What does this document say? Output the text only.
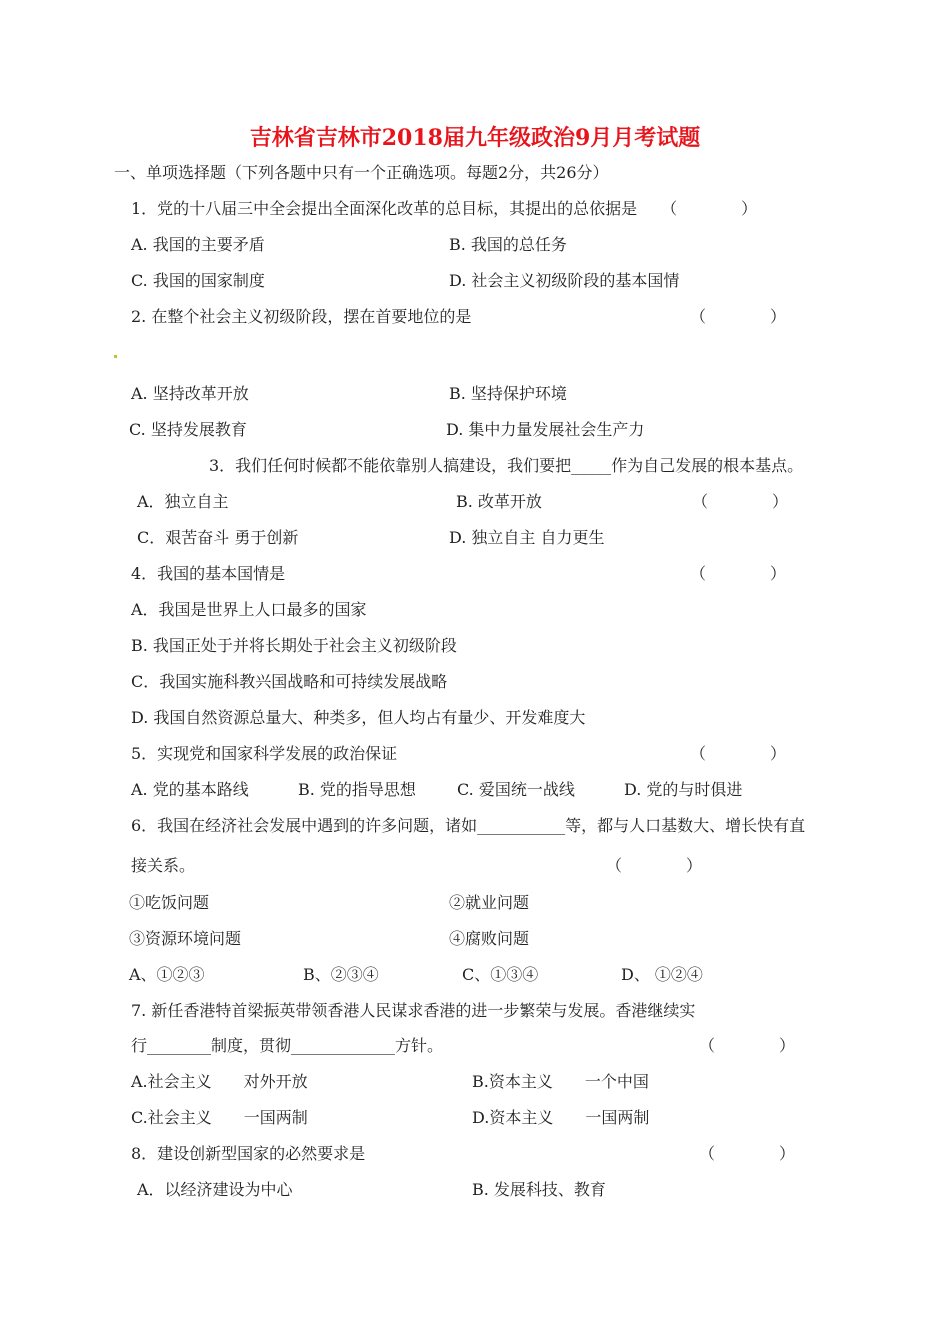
吉林省吉林市2018届九年级政治9月月考试题
一、单项选择题（下列各题中只有一个正确选项。每题2分，共26分）
1．党的十八届三中全会提出全面深化改革的总目标，其提出的总依据是　　（　　　　）
A. 我国的主要矛盾	B. 我国的总任务
C. 我国的国家制度	D. 社会主义初级阶段的基本国情
2. 在整个社会主义初级阶段，摆在首要地位的是	（　　　　）
A. 坚持改革开放	B. 坚持保护环境
C. 坚持发展教育	D. 集中力量发展社会生产力
3．我们任何时候都不能依靠别人搞建设，我们要把_____作为自己发展的根本基点。
A．独立自主	B. 改革开放	（　　　　）
C．艰苦奋斗 勇于创新	D. 独立自主 自力更生
4．我国的基本国情是	（　　　　）
A．我国是世界上人口最多的国家
B. 我国正处于并将长期处于社会主义初级阶段
C．我国实施科教兴国战略和可持续发展战略
D. 我国自然资源总量大、种类多，但人均占有量少、开发难度大
5．实现党和国家科学发展的政治保证	（　　　　）
A. 党的基本路线	B. 党的指导思想	C. 爱国统一战线	D. 党的与时俱进
6．我国在经济社会发展中遇到的许多问题，诸如___________等，都与人口基数大、增长快有直
接关系。	（　　　　）
①吃饭问题	②就业问题
③资源环境问题	④腐败问题
A、①②③	B、②③④	C、①③④	D、 ①②④
7. 新任香港特首梁振英带领香港人民谋求香港的进一步繁荣与发展。香港继续实
行________制度，贯彻_____________方针。	（　　　　）
A.社会主义　　对外开放	B.资本主义　　一个中国
C.社会主义　　一国两制	D.资本主义　　一国两制
8．建设创新型国家的必然要求是	（　　　　）
A．以经济建设为中心	B. 发展科技、教育
